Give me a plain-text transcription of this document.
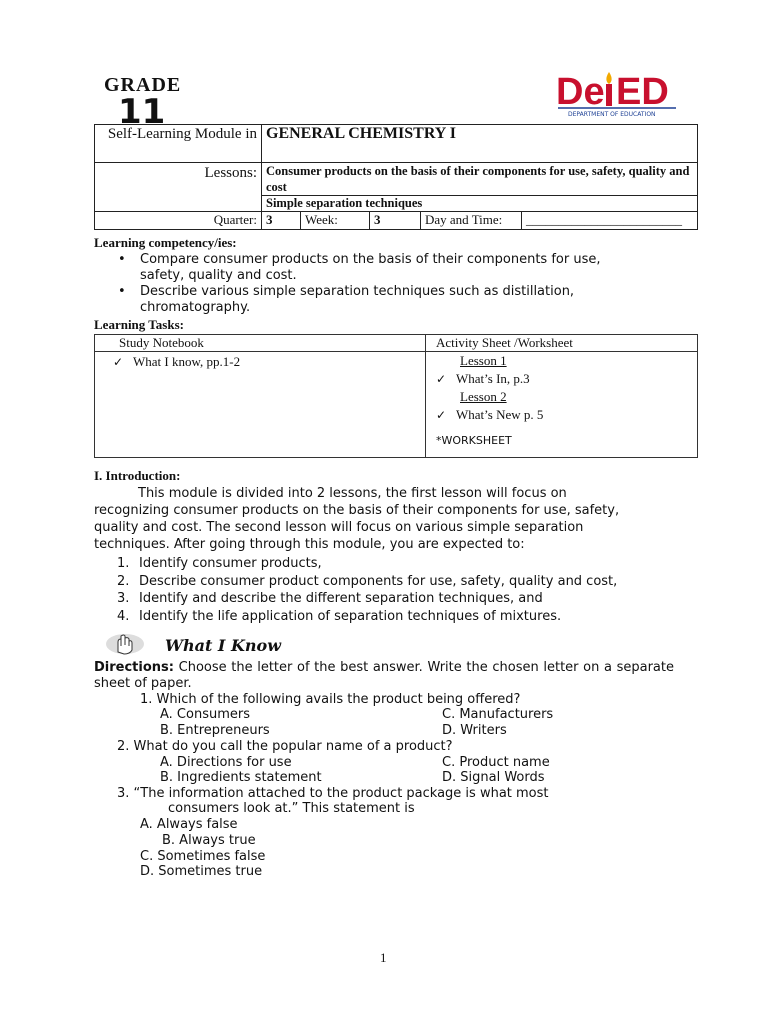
GRADE
11	De ED
DEPARTMENT OF EDUCATION
Self-Learning Module in	GENERAL CHEMISTRY I				
Lessons:	Consumer products on the basis of their components for use, safety, quality and cost				
	Simple separation techniques				
Quarter:	3	Week:	3	Day and Time:	________________________
Learning competency/ies:
• Compare consumer products on the basis of their components for use, safety, quality and cost.
• Describe various simple separation techniques such as distillation, chromatography.
Learning Tasks:
Study Notebook	Activity Sheet /Worksheet
✓ What I know, pp.1-2	Lesson 1
✓ What’s In, p.3
Lesson 2
✓ What’s New p. 5
*WORKSHEET
I. Introduction:
This module is divided into 2 lessons, the first lesson will focus on recognizing consumer products on the basis of their components for use, safety, quality and cost. The second lesson will focus on various simple separation techniques. After going through this module, you are expected to:
1. Identify consumer products,
2. Describe consumer product components for use, safety, quality and cost,
3. Identify and describe the different separation techniques, and
4. Identify the life application of separation techniques of mixtures.
What I Know
Directions: Choose the letter of the best answer. Write the chosen letter on a separate sheet of paper.
1. Which of the following avails the product being offered?
A. Consumers	C. Manufacturers
B. Entrepreneurs	D. Writers
2. What do you call the popular name of a product?
A. Directions for use	C. Product name
B. Ingredients statement	D. Signal Words
3. “The information attached to the product package is what most
consumers look at.” This statement is
A. Always false
B. Always true
C. Sometimes false
D. Sometimes true
1
